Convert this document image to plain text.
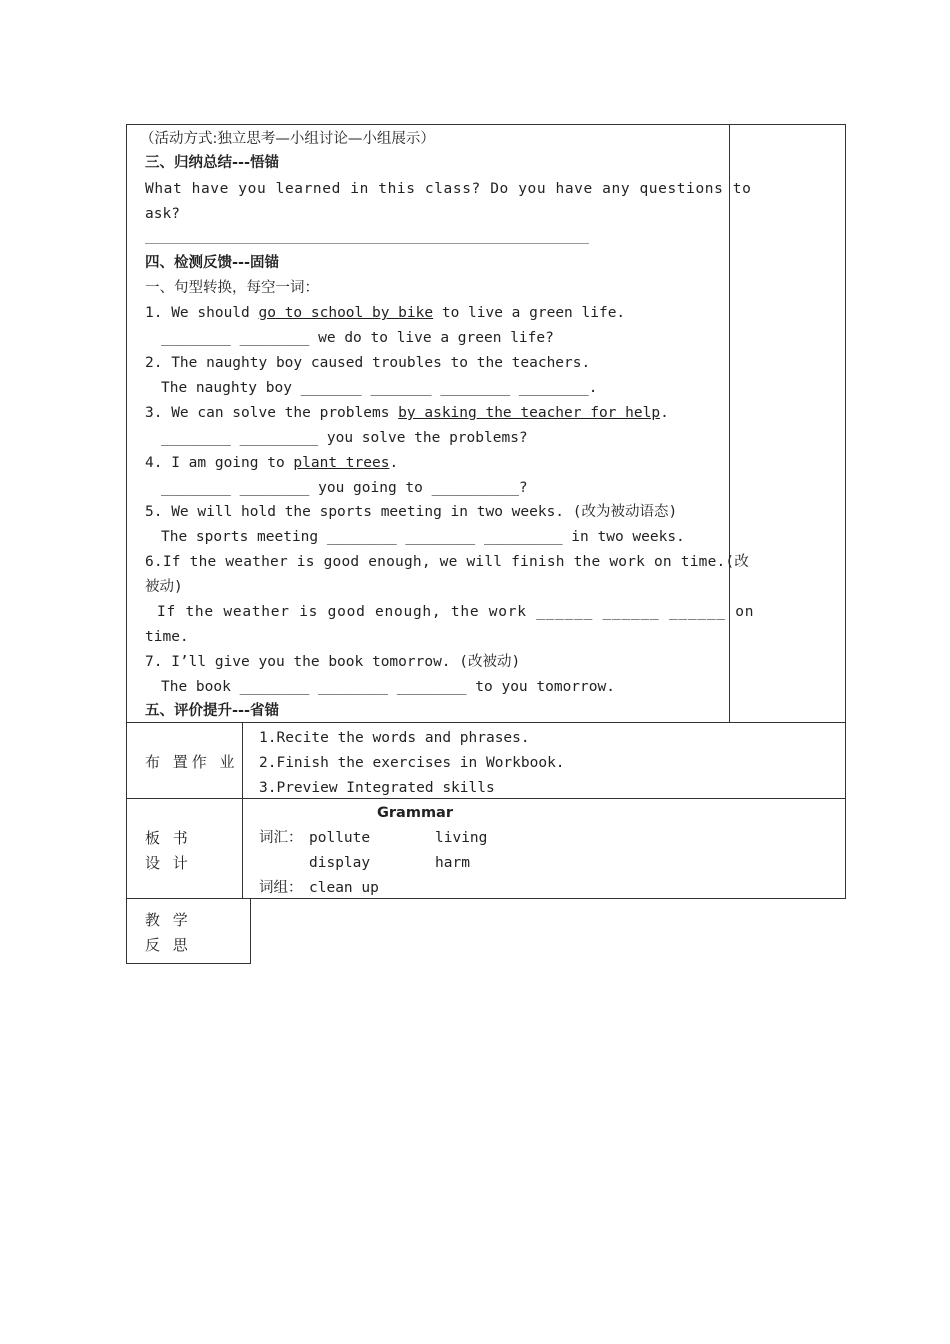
（活动方式:独立思考—小组讨论—小组展示）
三、归纳总结---悟锚
What have you learned in this class? Do you have any questions to
ask?
四、检测反馈---固锚
一、句型转换，每空一词：
1. We should go to school by bike to live a green life.
________ ________ we do to live a green life?
2. The naughty boy caused troubles to the teachers.
The naughty boy _______ _______ ________ ________.
3. We can solve the problems by asking the teacher for help.
________ _________ you solve the problems?
4. I am going to plant trees.
________ ________ you going to __________?
5. We will hold the sports meeting in two weeks. (改为被动语态)
The sports meeting ________ ________ _________ in two weeks.
6.If the weather is good enough, we will finish the work on time.(改
被动)
If the weather is good enough, the work ______ ______ ______ on
time.
7. I’ll give you the book tomorrow. (改被动)
The book ________ ________ ________ to you tomorrow.
五、评价提升---省锚
布 置作 业
1.Recite the words and phrases.
2.Finish the exercises in Workbook.
3.Preview Integrated skills
板 书
设 计
Grammar
词汇： pollute	living
display	harm
词组： clean up
教 学
反 思
